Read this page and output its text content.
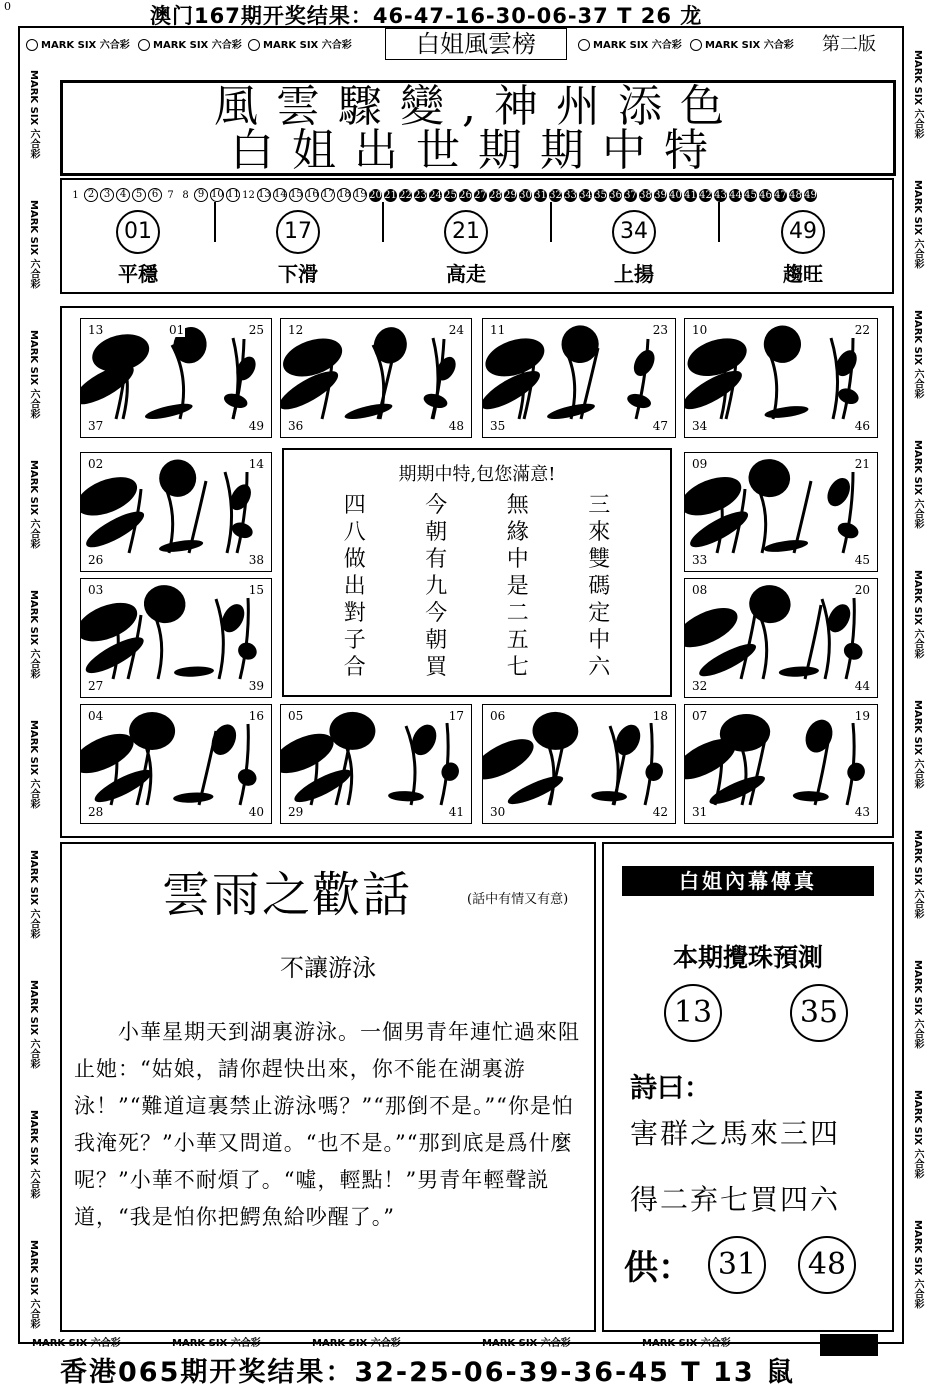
0	澳门167期开奖结果：46-47-16-30-06-37 T 26 龙
MARK SIX 六合彩	MARK SIX 六合彩	MARK SIX 六合彩	MARK SIX 六合彩	MARK SIX 六合彩
白姐風雲榜	第二版
MARK SIX 六合彩
MARK SIX 六合彩
MARK SIX 六合彩
MARK SIX 六合彩
MARK SIX 六合彩
MARK SIX 六合彩
MARK SIX 六合彩
MARK SIX 六合彩
MARK SIX 六合彩
MARK SIX 六合彩
MARK SIX 六合彩
MARK SIX 六合彩
MARK SIX 六合彩
MARK SIX 六合彩
MARK SIX 六合彩
MARK SIX 六合彩
MARK SIX 六合彩
MARK SIX 六合彩
MARK SIX 六合彩
MARK SIX 六合彩
風雲驟變,神州添色
白姐出世期期中特
1 2 3 4 5 6 7 8 9 10 11 12 13 14 15 16 17 18 19 20 21 22 23 24 25 26 27 28 29 30 31 32 33 34 35 36 37 38 39 40 41 42 43 44 45 46 47 48 49
01
平穩
17
下滑
21
高走
34
上揚
49
趨旺
期期中特,包您滿意!
四	今	無	三
八	朝	緣	來
做	有	中	雙
出	九	是	碼
對	今	二	定
子	朝	五	中
合	買	七	六
13	01	25
37	49
12	24
36	48
11	23
35	47
10	22
34	46
02	14
26	38
09	21
33	45
03	15
27	39
08	20
32	44
04	16
28	40
05	17
29	41
06	18
30	42
07	19
31	43
雲雨之歡話	(話中有情又有意)
不讓游泳
　　小華星期天到湖裏游泳。一個男青年連忙過來阻止她：“姑娘，請你趕快出來，你不能在湖裏游泳！”“難道這裏禁止游泳嗎？”“那倒不是。”“你是怕我淹死？”小華又問道。“也不是。”“那到底是爲什麼呢？”小華不耐煩了。“噓，輕點！”男青年輕聲説道，“我是怕你把鰐魚給吵醒了。”
白姐內幕傳真
本期攪珠預測
13	35
詩曰：
害群之馬來三四
得二弃七買四六
供： 31	48
MARK SIX 六合彩	MARK SIX 六合彩	MARK SIX 六合彩	MARK SIX 六合彩	MARK SIX 六合彩
香港065期开奖结果：32-25-06-39-36-45 T 13 鼠
